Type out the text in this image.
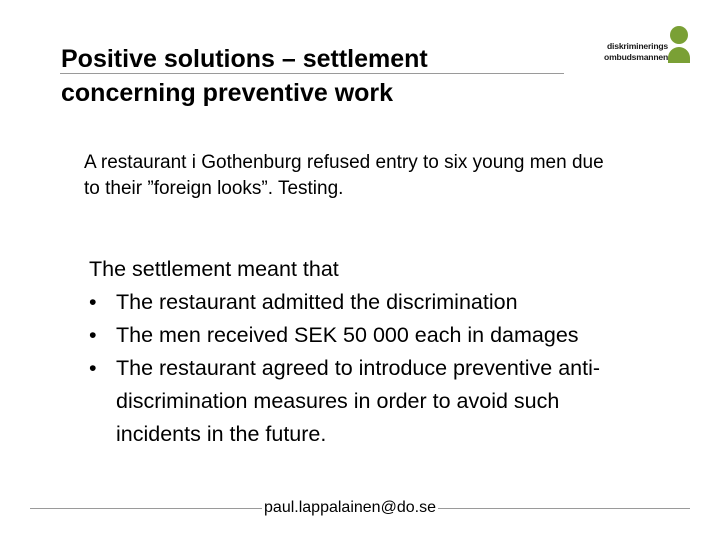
Positive solutions – settlement
concerning preventive work
diskriminerings
ombudsmannen
A restaurant i Gothenburg refused entry to six young men due to their ”foreign looks”. Testing.
The settlement meant that
• The restaurant admitted the discrimination
• The men received SEK 50 000 each in damages
• The restaurant agreed to introduce preventive anti-discrimination measures in order to avoid such incidents in the future.
paul.lappalainen@do.se
